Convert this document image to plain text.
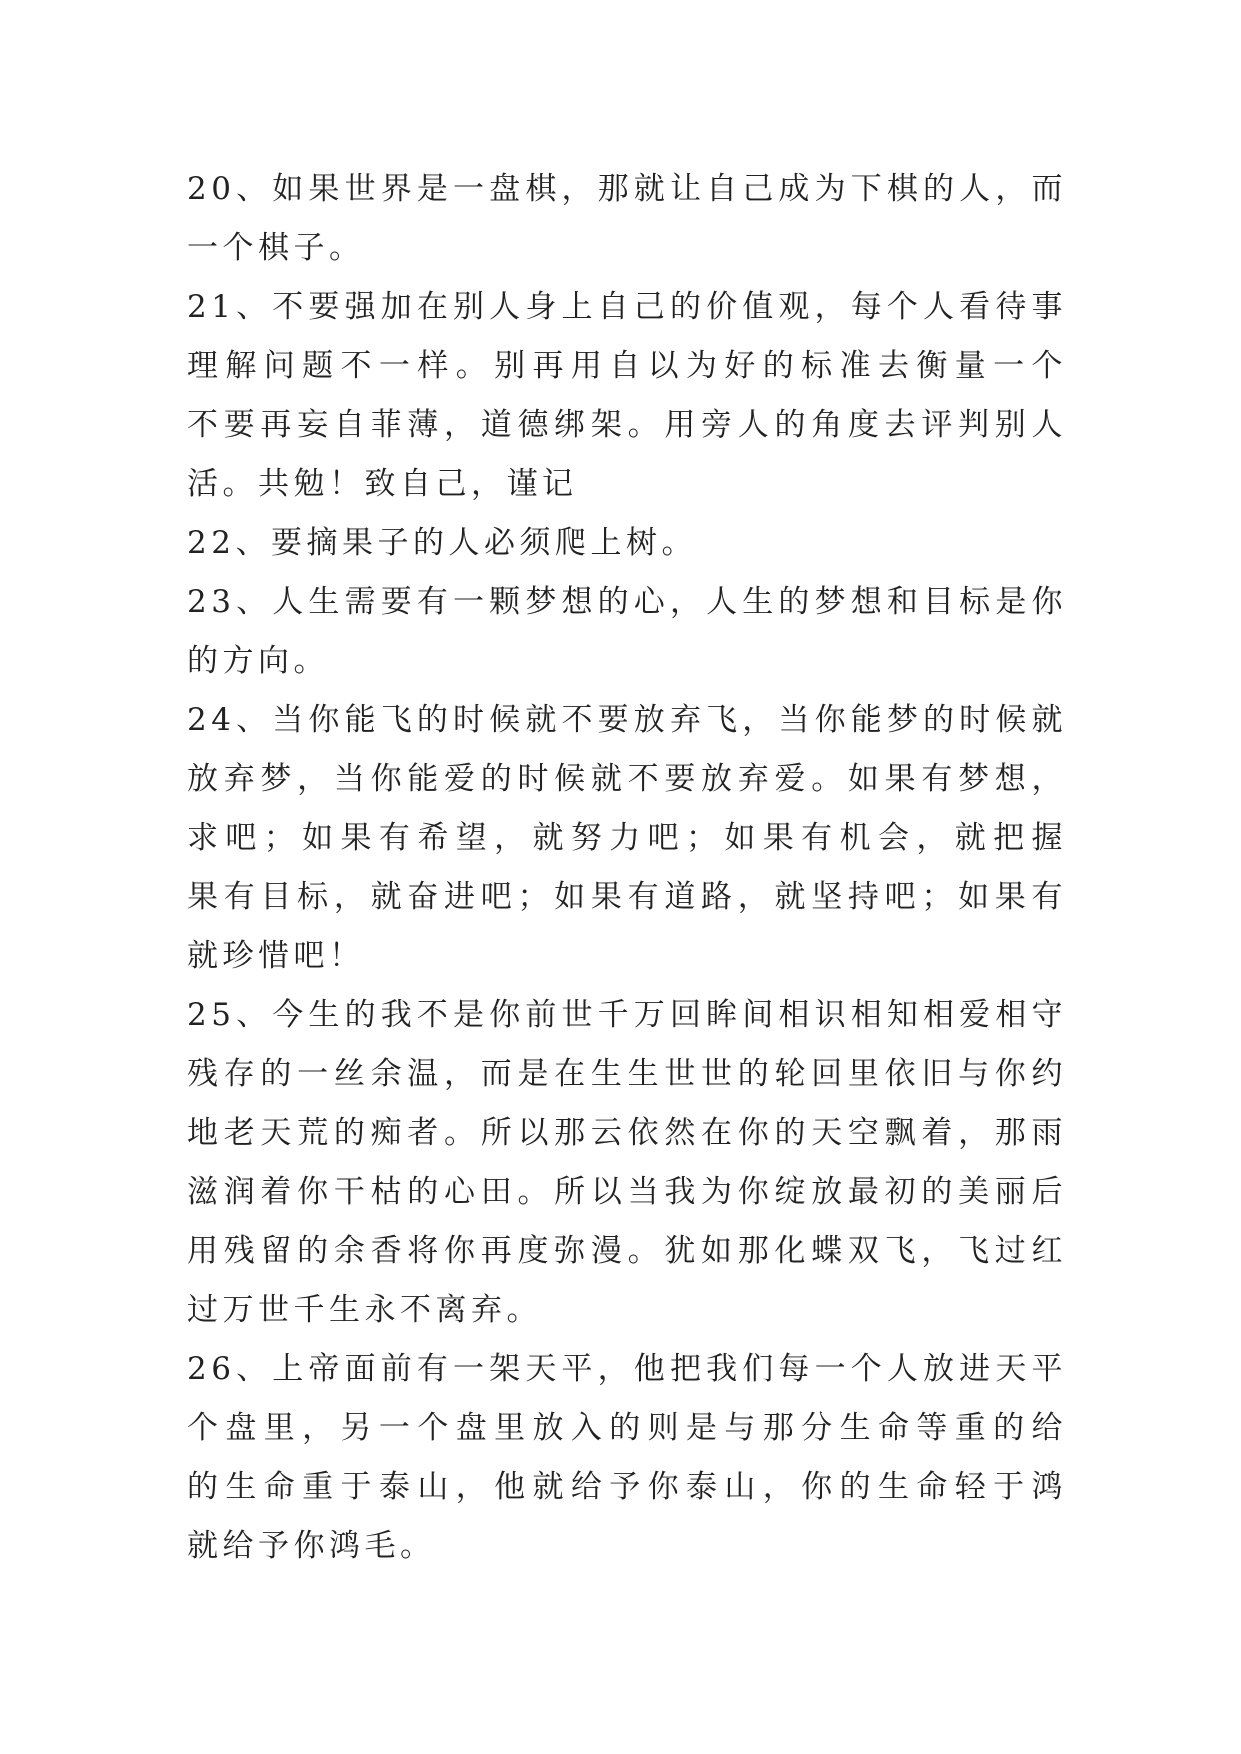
20、如果世界是一盘棋，那就让自己成为下棋的人，而
一个棋子。
21、不要强加在别人身上自己的价值观，每个人看待事
理解问题不一样。别再用自以为好的标准去衡量一个
不要再妄自菲薄，道德绑架。用旁人的角度去评判别人
活。共勉！致自己，谨记
22、要摘果子的人必须爬上树。
23、人生需要有一颗梦想的心，人生的梦想和目标是你
的方向。
24、当你能飞的时候就不要放弃飞，当你能梦的时候就
放弃梦，当你能爱的时候就不要放弃爱。如果有梦想，
求吧；如果有希望，就努力吧；如果有机会，就把握
果有目标，就奋进吧；如果有道路，就坚持吧；如果有
就珍惜吧！
25、今生的我不是你前世千万回眸间相识相知相爱相守
残存的一丝余温，而是在生生世世的轮回里依旧与你约
地老天荒的痴者。所以那云依然在你的天空飘着，那雨
滋润着你干枯的心田。所以当我为你绽放最初的美丽后
用残留的余香将你再度弥漫。犹如那化蝶双飞，飞过红
过万世千生永不离弃。
26、上帝面前有一架天平，他把我们每一个人放进天平
个盘里，另一个盘里放入的则是与那分生命等重的给
的生命重于泰山，他就给予你泰山，你的生命轻于鸿
就给予你鸿毛。
